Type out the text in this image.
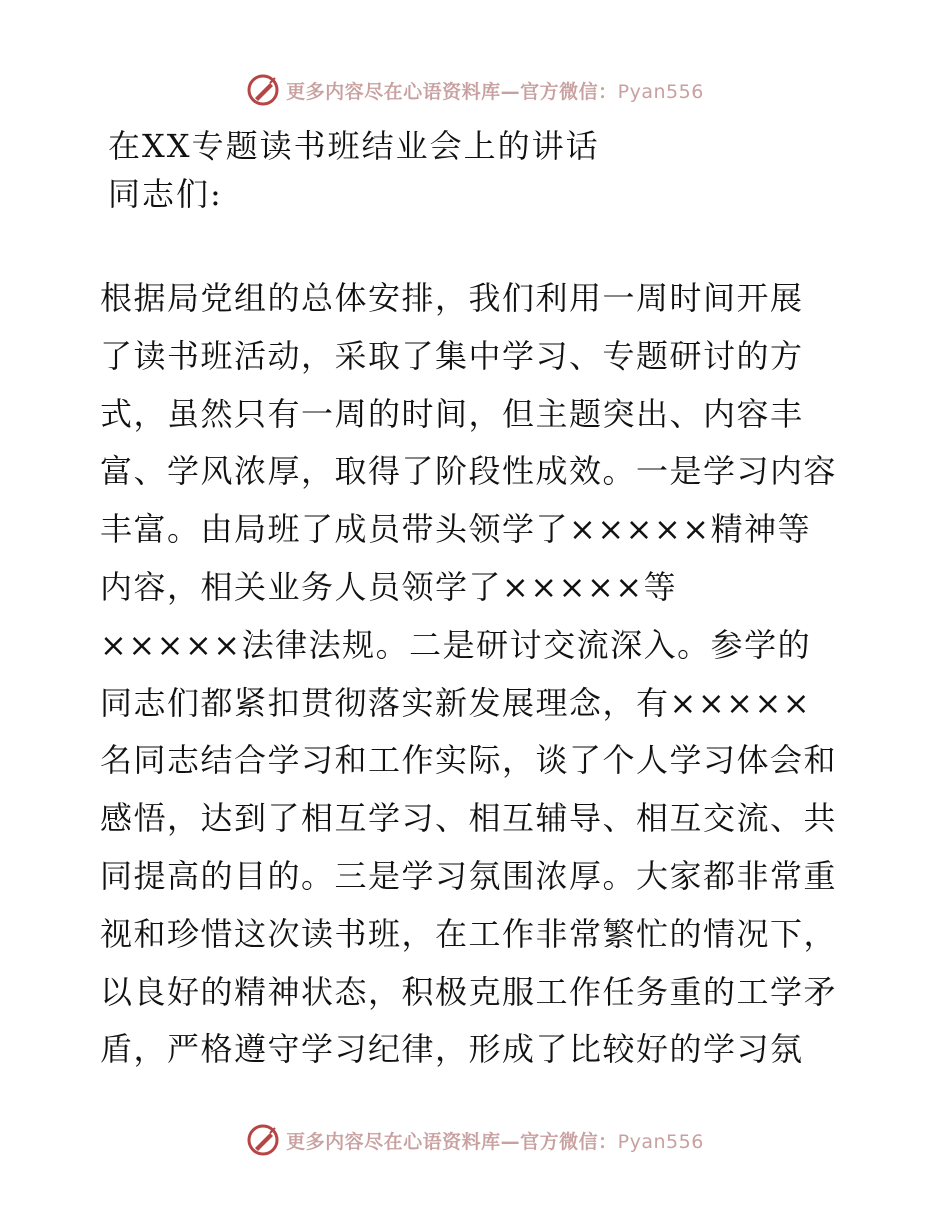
更多内容尽在心语资料库—官方微信：Pyan556
在XX专题读书班结业会上的讲话
同志们:
根据局党组的总体安排，我们利用一周时间开展
了读书班活动，采取了集中学习、专题研讨的方
式，虽然只有一周的时间，但主题突出、内容丰
富、学风浓厚，取得了阶段性成效。一是学习内容
丰富。由局班了成员带头领学了×××××精神等
内容，相关业务人员领学了×××××等
×××××法律法规。二是研讨交流深入。参学的
同志们都紧扣贯彻落实新发展理念，有×××××
名同志结合学习和工作实际，谈了个人学习体会和
感悟，达到了相互学习、相互辅导、相互交流、共
同提高的目的。三是学习氛围浓厚。大家都非常重
视和珍惜这次读书班，在工作非常繁忙的情况下，
以良好的精神状态，积极克服工作任务重的工学矛
盾，严格遵守学习纪律，形成了比较好的学习氛
更多内容尽在心语资料库—官方微信：Pyan556
